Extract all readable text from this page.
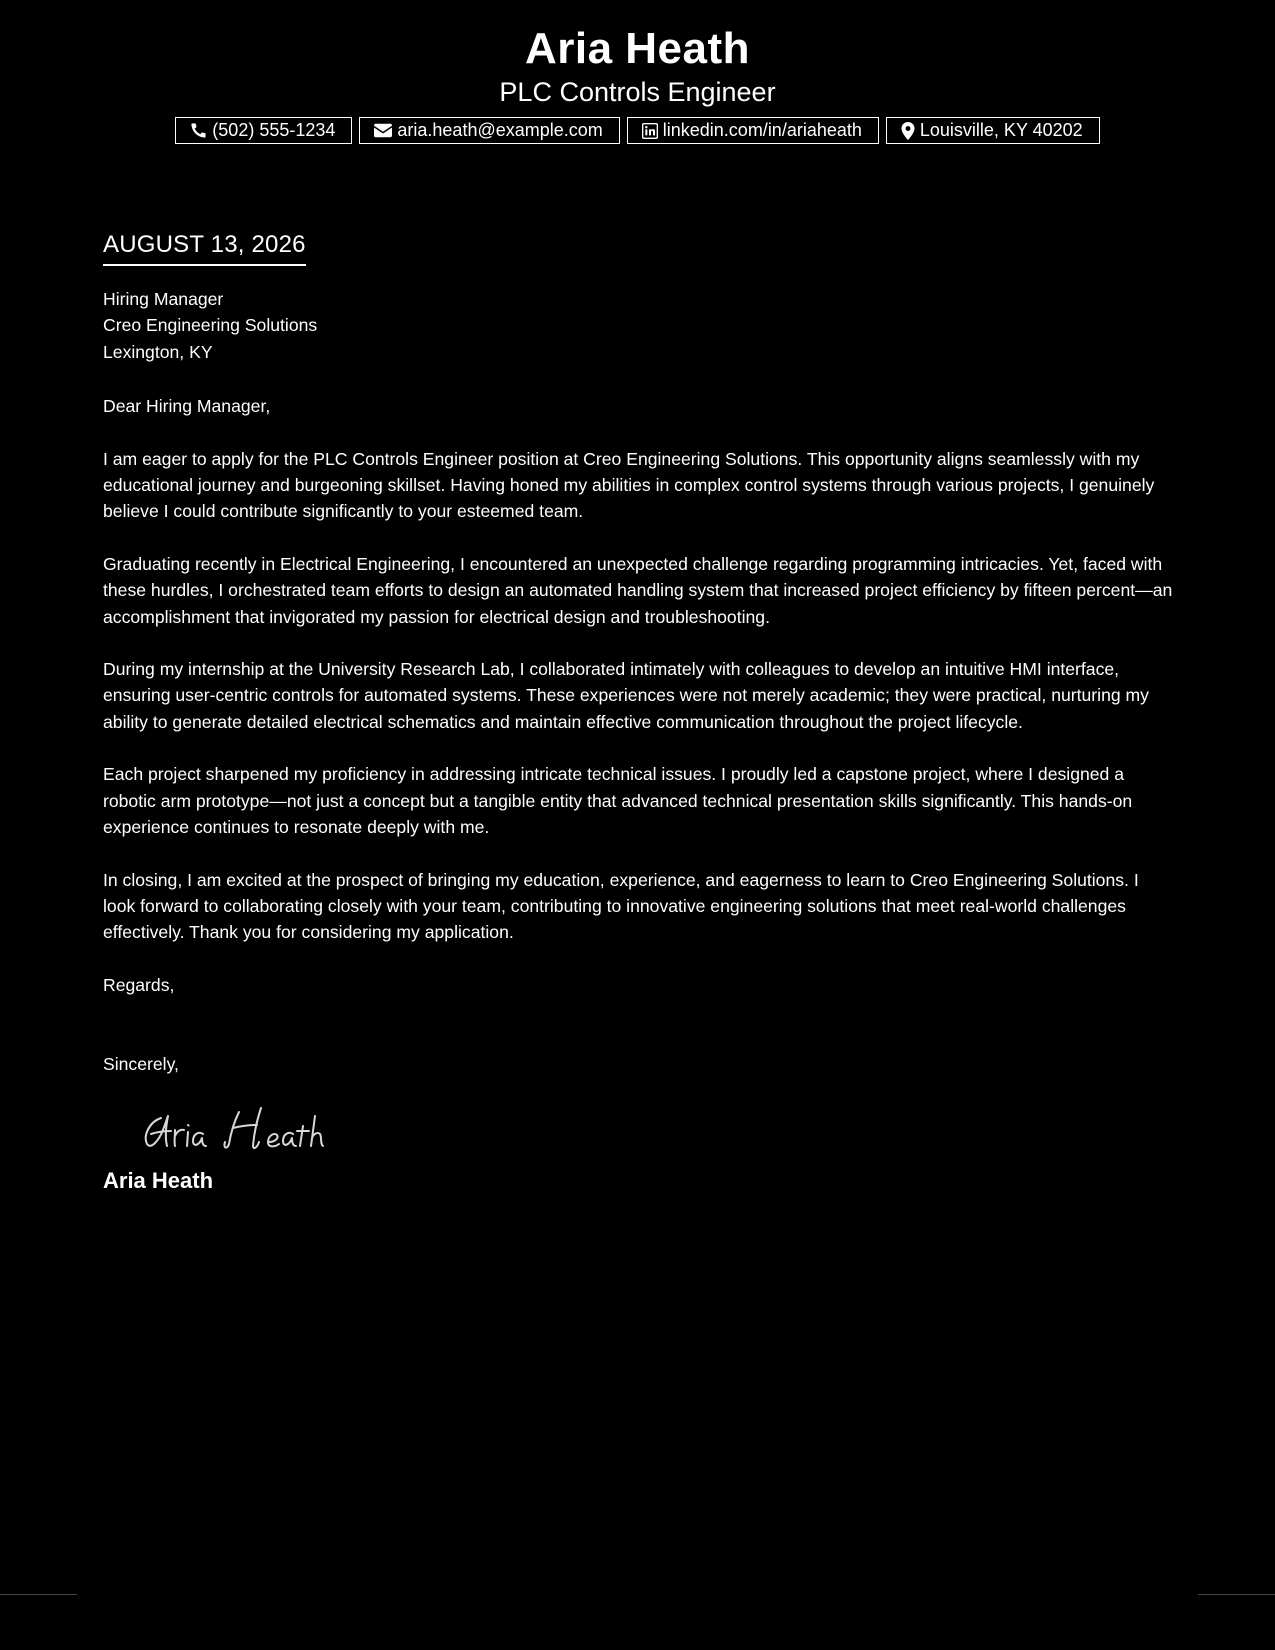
Aria Heath
PLC Controls Engineer
(502) 555-1234	aria.heath@example.com	linkedin.com/in/ariaheath	Louisville, KY 40202
AUGUST 13, 2026
Hiring Manager
Creo Engineering Solutions
Lexington, KY
Dear Hiring Manager,

I am eager to apply for the PLC Controls Engineer position at Creo Engineering Solutions. This opportunity aligns seamlessly with my educational journey and burgeoning skillset. Having honed my abilities in complex control systems through various projects, I genuinely believe I could contribute significantly to your esteemed team.

Graduating recently in Electrical Engineering, I encountered an unexpected challenge regarding programming intricacies. Yet, faced with these hurdles, I orchestrated team efforts to design an automated handling system that increased project efficiency by fifteen percent—an accomplishment that invigorated my passion for electrical design and troubleshooting.

During my internship at the University Research Lab, I collaborated intimately with colleagues to develop an intuitive HMI interface, ensuring user-centric controls for automated systems. These experiences were not merely academic; they were practical, nurturing my ability to generate detailed electrical schematics and maintain effective communication throughout the project lifecycle.

Each project sharpened my proficiency in addressing intricate technical issues. I proudly led a capstone project, where I designed a robotic arm prototype—not just a concept but a tangible entity that advanced technical presentation skills significantly. This hands-on experience continues to resonate deeply with me.

In closing, I am excited at the prospect of bringing my education, experience, and eagerness to learn to Creo Engineering Solutions. I look forward to collaborating closely with your team, contributing to innovative engineering solutions that meet real-world challenges effectively. Thank you for considering my application.

Regards,
Sincerely,
Aria Heath
